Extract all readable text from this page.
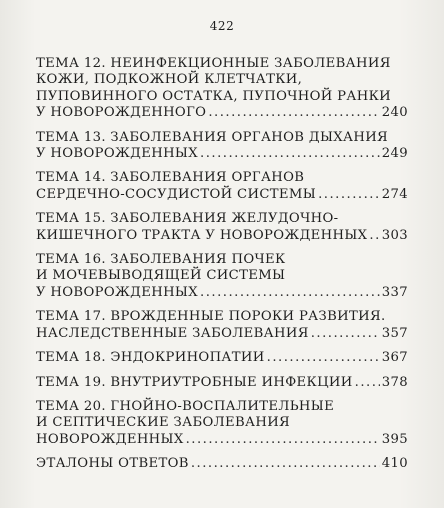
422
ТЕМА 12. НЕИНФЕКЦИОННЫЕ ЗАБОЛЕВАНИЯ
КОЖИ, ПОДКОЖНОЙ КЛЕТЧАТКИ,
ПУПОВИННОГО ОСТАТКА, ПУПОЧНОЙ РАНКИ
У НОВОРОЖДЕННОГО .....	240
ТЕМА 13. ЗАБОЛЕВАНИЯ ОРГАНОВ ДЫХАНИЯ
У НОВОРОЖДЕННЫХ .....	249
ТЕМА 14. ЗАБОЛЕВАНИЯ ОРГАНОВ
СЕРДЕЧНО-СОСУДИСТОЙ СИСТЕМЫ .....	274
ТЕМА 15. ЗАБОЛЕВАНИЯ ЖЕЛУДОЧНО-
КИШЕЧНОГО ТРАКТА У НОВОРОЖДЕННЫХ ..... 303
ТЕМА 16. ЗАБОЛЕВАНИЯ ПОЧЕК
И МОЧЕВЫВОДЯЩЕЙ СИСТЕМЫ
У НОВОРОЖДЕННЫХ .....	337
ТЕМА 17. ВРОЖДЕННЫЕ ПОРОКИ РАЗВИТИЯ.
НАСЛЕДСТВЕННЫЕ ЗАБОЛЕВАНИЯ .....	357
ТЕМА 18. ЭНДОКРИНОПАТИИ .....	367
ТЕМА 19. ВНУТРИУТРОБНЫЕ ИНФЕКЦИИ ..... 378
ТЕМА 20. ГНОЙНО-ВОСПАЛИТЕЛЬНЫЕ
И СЕПТИЧЕСКИЕ ЗАБОЛЕВАНИЯ
НОВОРОЖДЕННЫХ .....	395
ЭТАЛОНЫ ОТВЕТОВ .....	410
